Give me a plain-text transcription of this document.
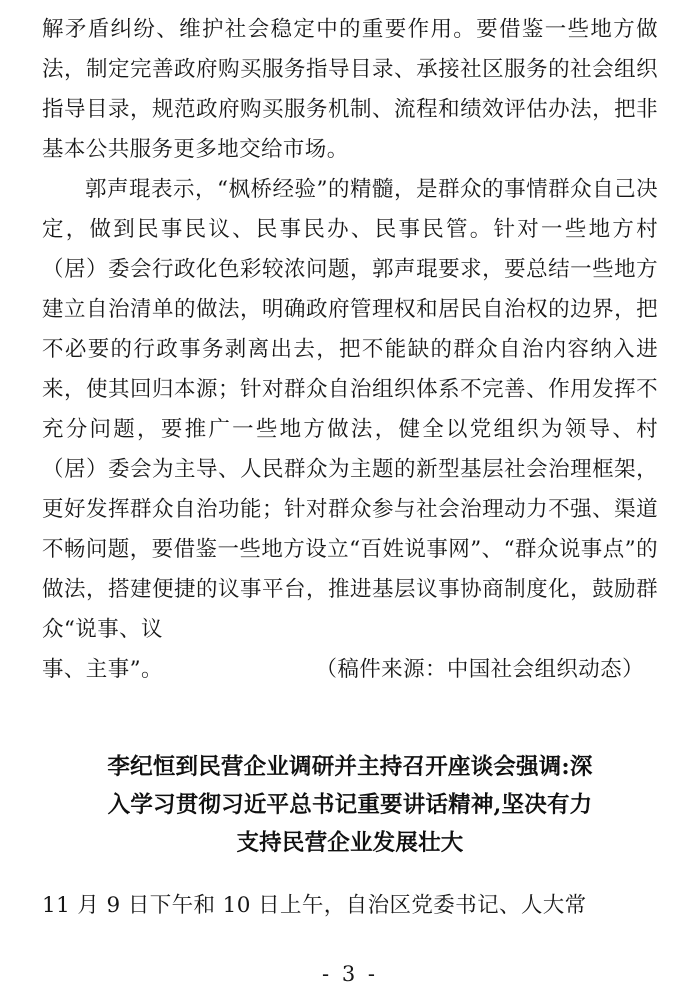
解矛盾纠纷、维护社会稳定中的重要作用。要借鉴一些地方做法，制定完善政府购买服务指导目录、承接社区服务的社会组织指导目录，规范政府购买服务机制、流程和绩效评估办法，把非基本公共服务更多地交给市场。

郭声琨表示，“枫桥经验”的精髓，是群众的事情群众自己决定，做到民事民议、民事民办、民事民管。针对一些地方村（居）委会行政化色彩较浓问题，郭声琨要求，要总结一些地方建立自治清单的做法，明确政府管理权和居民自治权的边界，把不必要的行政事务剥离出去，把不能缺的群众自治内容纳入进来，使其回归本源；针对群众自治组织体系不完善、作用发挥不充分问题，要推广一些地方做法，健全以党组织为领导、村（居）委会为主导、人民群众为主题的新型基层社会治理框架，更好发挥群众自治功能；针对群众参与社会治理动力不强、渠道不畅问题，要借鉴一些地方设立“百姓说事网”、“群众说事点”的做法，搭建便捷的议事平台，推进基层议事协商制度化，鼓励群众“说事、议

事、主事”。	（稿件来源：中国社会组织动态）
李纪恒到民营企业调研并主持召开座谈会强调:深
入学习贯彻习近平总书记重要讲话精神,坚决有力
支持民营企业发展壮大

11 月 9 日下午和 10 日上午，自治区党委书记、人大常

- 3 -
